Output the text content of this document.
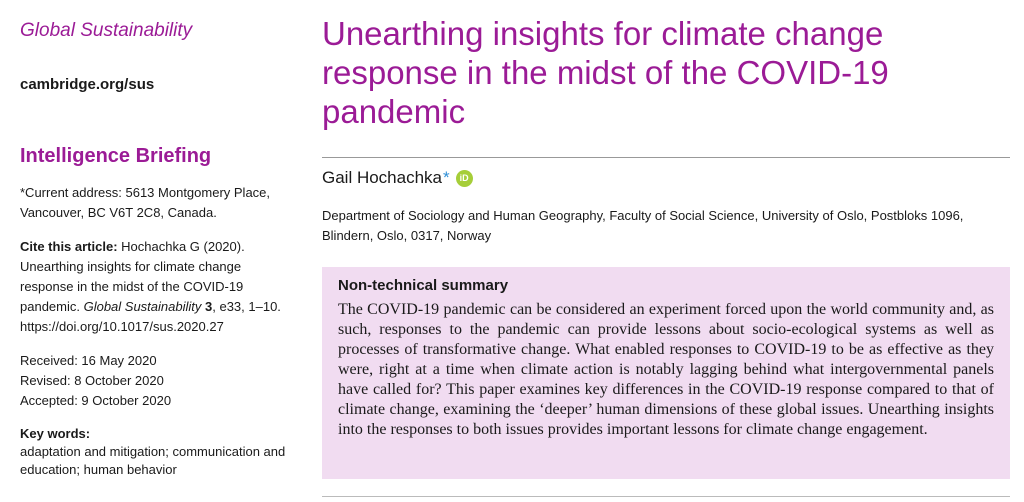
Global Sustainability
cambridge.org/sus
Intelligence Briefing
*Current address: 5613 Montgomery Place, Vancouver, BC V6T 2C8, Canada.
Cite this article: Hochachka G (2020). Unearthing insights for climate change response in the midst of the COVID-19 pandemic. Global Sustainability 3, e33, 1–10. https://doi.org/10.1017/sus.2020.27
Received: 16 May 2020
Revised: 8 October 2020
Accepted: 9 October 2020
Key words:
adaptation and mitigation; communication and education; human behavior
Unearthing insights for climate change response in the midst of the COVID-19 pandemic
Gail Hochachka *	iD
Department of Sociology and Human Geography, Faculty of Social Science, University of Oslo, Postbloks 1096, Blindern, Oslo, 0317, Norway
Non-technical summary

The COVID-19 pandemic can be considered an experiment forced upon the world community and, as such, responses to the pandemic can provide lessons about socio-ecological systems as well as processes of transformative change. What enabled responses to COVID-19 to be as effective as they were, right at a time when climate action is notably lagging behind what intergovernmental panels have called for? This paper examines key differences in the COVID-19 response compared to that of climate change, examining the ‘deeper’ human dimensions of these global issues. Unearthing insights into the responses to both issues provides important lessons for climate change engagement.
